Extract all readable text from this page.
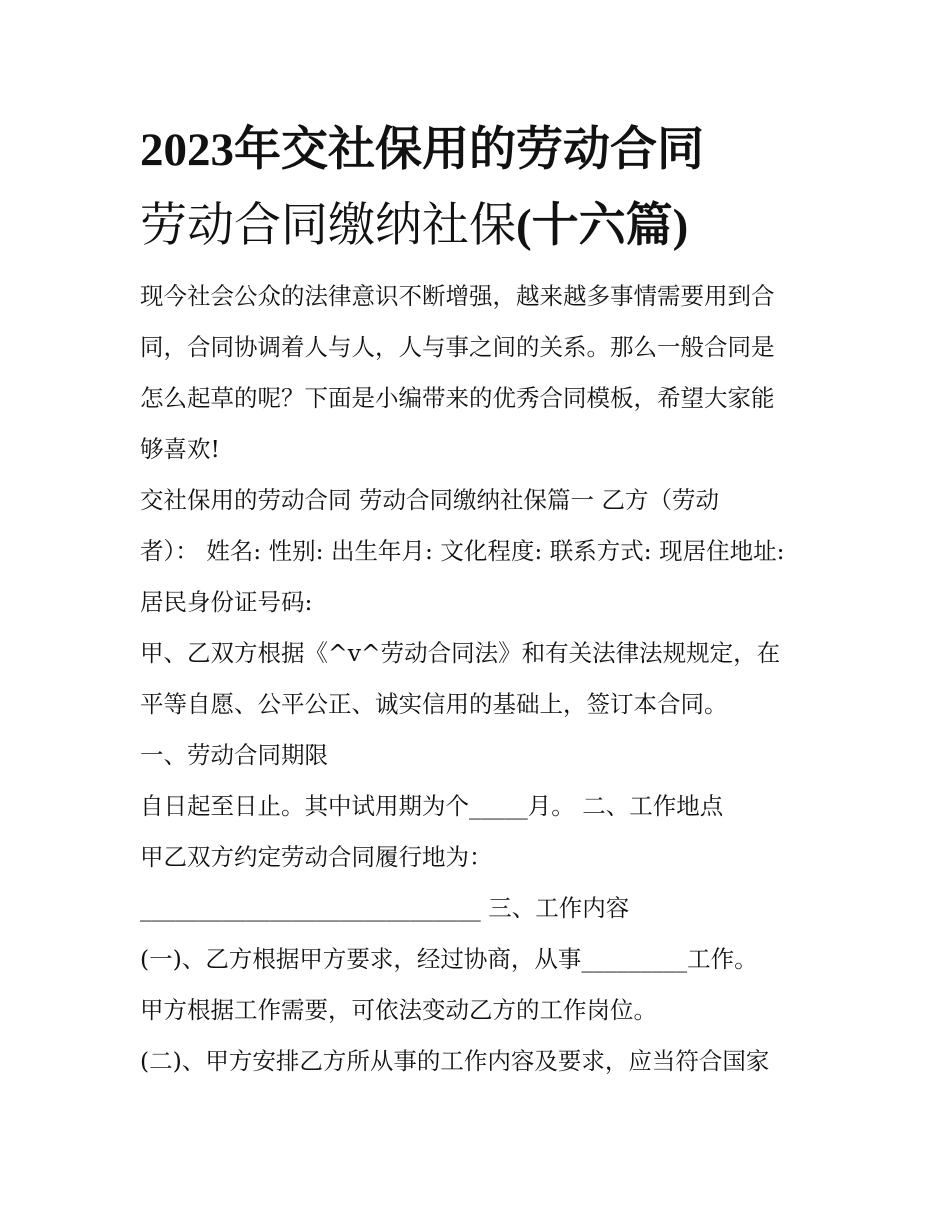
2023年交社保用的劳动合同
劳动合同缴纳社保(十六篇)
现今社会公众的法律意识不断增强，越来越多事情需要用到合
同，合同协调着人与人，人与事之间的关系。那么一般合同是
怎么起草的呢？下面是小编带来的优秀合同模板，希望大家能
够喜欢!
交社保用的劳动合同 劳动合同缴纳社保篇一 乙方（劳动
者）： 姓名: 性别: 出生年月: 文化程度: 联系方式: 现居住地址:
居民身份证号码:
甲、乙双方根据《^v^劳动合同法》和有关法律法规规定，在
平等自愿、公平公正、诚实信用的基础上，签订本合同。
一、劳动合同期限
自日起至日止。其中试用期为个_____月。 二、工作地点
甲乙双方约定劳动合同履行地为：
_____________________________ 三、工作内容
(一)、乙方根据甲方要求，经过协商，从事_________工作。
甲方根据工作需要，可依法变动乙方的工作岗位。
(二)、甲方安排乙方所从事的工作内容及要求，应当符合国家
